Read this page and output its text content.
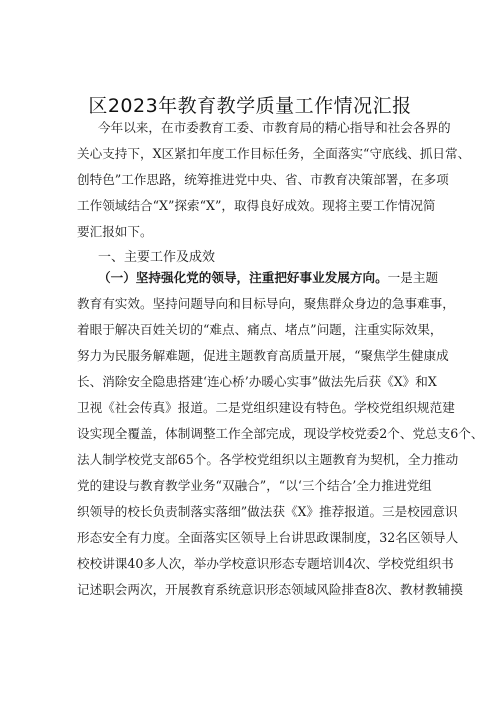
区2023年教育教学质量工作情况汇报
今年以来，在市委教育工委、市教育局的精心指导和社会各界的
关心支持下，X区紧扣年度工作目标任务，全面落实“守底线、抓日常、
创特色”工作思路，统筹推进党中央、省、市教育决策部署，在多项
工作领域结合“X”探索“X”，取得良好成效。现将主要工作情况简
要汇报如下。
一、主要工作及成效
（一）坚持强化党的领导，注重把好事业发展方向。一是主题
教育有实效。坚持问题导向和目标导向，聚焦群众身边的急事难事，
着眼于解决百姓关切的“难点、痛点、堵点”问题，注重实际效果，
努力为民服务解难题，促进主题教育高质量开展，“聚焦学生健康成
长、消除安全隐患搭建‘连心桥’办暖心实事”做法先后获《X》和X
卫视《社会传真》报道。二是党组织建设有特色。学校党组织规范建
设实现全覆盖，体制调整工作全部完成，现设学校党委2个、党总支6个、
法人制学校党支部65个。各学校党组织以主题教育为契机，全力推动
党的建设与教育教学业务“双融合”，“以‘三个结合’全力推进党组
织领导的校长负责制落实落细”做法获《X》推荐报道。三是校园意识
形态安全有力度。全面落实区领导上台讲思政课制度，32名区领导人
校校讲课40多人次，举办学校意识形态专题培训4次、学校党组织书
记述职会两次，开展教育系统意识形态领域风险排查8次、教材教辅摸
